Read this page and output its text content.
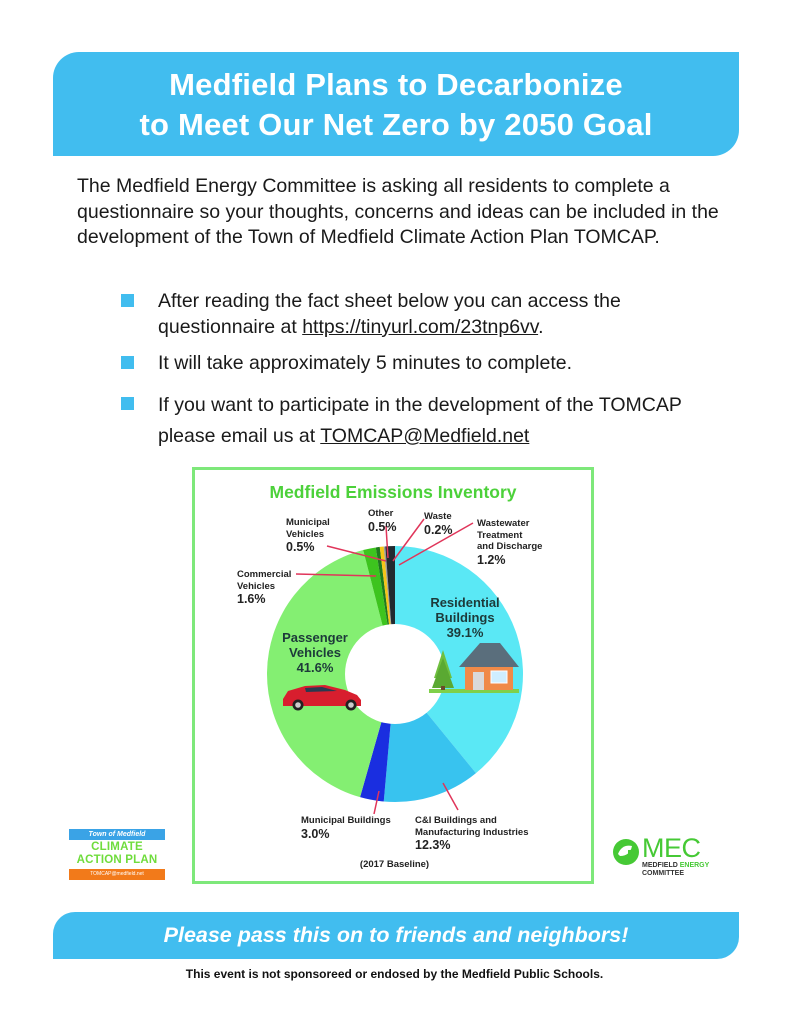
Medfield Plans to Decarbonize
to Meet Our Net Zero by 2050 Goal
The Medfield Energy Committee is asking all residents to complete a questionnaire so your thoughts, concerns and ideas can be included in the development of the Town of Medfield Climate Action Plan TOMCAP.
After reading the fact sheet below you can access the questionnaire at https://tinyurl.com/23tnp6vv.
It will take approximately 5 minutes to complete.
If you want to participate in the development of the TOMCAP please email us at TOMCAP@Medfield.net
Medfield Emissions Inventory
Municipal
Vehicles
0.5%
Other
0.5%
Waste
0.2%	Wastewater
Treatment
and Discharge
1.2%
Commercial
Vehicles
1.6%	Residential
Buildings
39.1%
Passenger
Vehicles
41.6%
Municipal Buildings
3.0%
C&I Buildings and
Manufacturing Industries
12.3%
(2017 Baseline)
Town of Medfield
CLIMATE
ACTION PLAN
TOMCAP@medfield.net
MEC
MEDFIELD ENERGY
COMMITTEE
Please pass this on to friends and neighbors!
This event is not sponsoreed or endosed by the Medfield Public Schools.
